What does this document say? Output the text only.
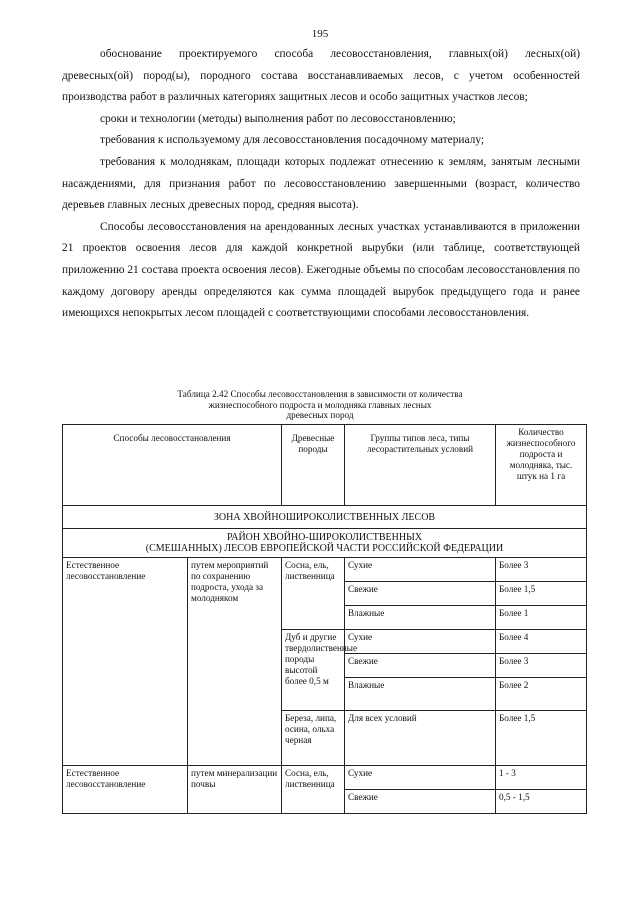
195

обоснование проектируемого способа лесовосстановления, главных(ой) лесных(ой) древесных(ой) пород(ы), породного состава восстанавливаемых лесов, с учетом особенностей производства работ в различных категориях защитных лесов и особо защитных участков лесов;

сроки и технологии (методы) выполнения работ по лесовосстановлению;

требования к используемому для лесовосстановления посадочному материалу;

требования к молоднякам, площади которых подлежат отнесению к землям, занятым лесными насаждениями, для признания работ по лесовосстановлению завершенными (возраст, количество деревьев главных лесных древесных пород, средняя высота).

Способы лесовосстановления на арендованных лесных участках устанавливаются в приложении 21 проектов освоения лесов для каждой конкретной вырубки (или таблице, соответствующей приложению 21 состава проекта освоения лесов). Ежегодные объемы по способам лесовосстановления по каждому договору аренды определяются как сумма площадей вырубок предыдущего года и ранее имеющихся непокрытых лесом площадей с соответствующими способами лесовосстановления.

Таблица 2.42 Способы лесовосстановления в зависимости от количества
жизнеспособного подроста и молодняка главных лесных
древесных пород
Способы лесовосстановления		Древесные породы	Группы типов леса, типы лесорастительных условий	Количество жизнеспособного подроста и молодняка, тыс. штук на 1 га
ЗОНА ХВОЙНОШИРОКОЛИСТВЕННЫХ ЛЕСОВ				

РАЙОН ХВОЙНО-ШИРОКОЛИСТВЕННЫХ
(СМЕШАННЫХ) ЛЕСОВ ЕВРОПЕЙСКОЙ ЧАСТИ РОССИЙСКОЙ ФЕДЕРАЦИИ				

Естественное лесовосстановление	путем мероприятий по сохранению подроста, ухода за молодняком	Сосна, ель, лиственница	Сухие	Более 3
			Свежие	Более 1,5
			Влажные	Более 1
		Дуб и другие твердолиственные породы высотой более 0,5 м	Сухие	Более 4
			Свежие	Более 3
			Влажные	Более 2
		Береза, липа, осина, ольха черная	Для всех условий	Более 1,5
Естественное лесовосстановление	путем минерализации почвы	Сосна, ель, лиственница	Сухие	1 - 3
			Свежие	0,5 - 1,5
